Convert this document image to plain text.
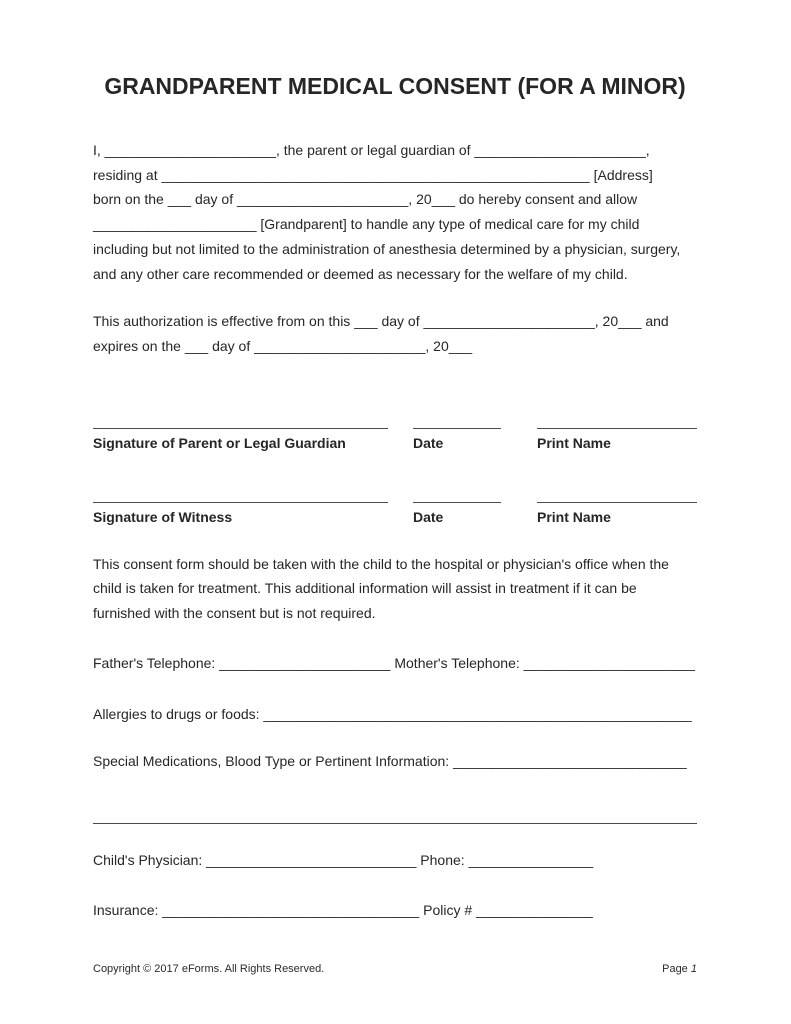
GRANDPARENT MEDICAL CONSENT (FOR A MINOR)
I, ______________________, the parent or legal guardian of ______________________,
residing at _______________________________________________________ [Address]
born on the ___ day of ______________________, 20___ do hereby consent and allow
_____________________ [Grandparent] to handle any type of medical care for my child
including but not limited to the administration of anesthesia determined by a physician, surgery,
and any other care recommended or deemed as necessary for the welfare of my child.
This authorization is effective from on this ___ day of ______________________, 20___ and
expires on the ___ day of ______________________, 20___
Signature of Parent or Legal Guardian	Date	Print Name
Signature of Witness	Date	Print Name
This consent form should be taken with the child to the hospital or physician's office when the
child is taken for treatment. This additional information will assist in treatment if it can be
furnished with the consent but is not required.
Father's Telephone: ______________________ Mother's Telephone: ______________________
Allergies to drugs or foods: _______________________________________________________
Special Medications, Blood Type or Pertinent Information: ______________________________
Child's Physician: ___________________________ Phone: ________________
Insurance: _________________________________ Policy # _______________
Copyright © 2017 eForms. All Rights Reserved.	Page 1
